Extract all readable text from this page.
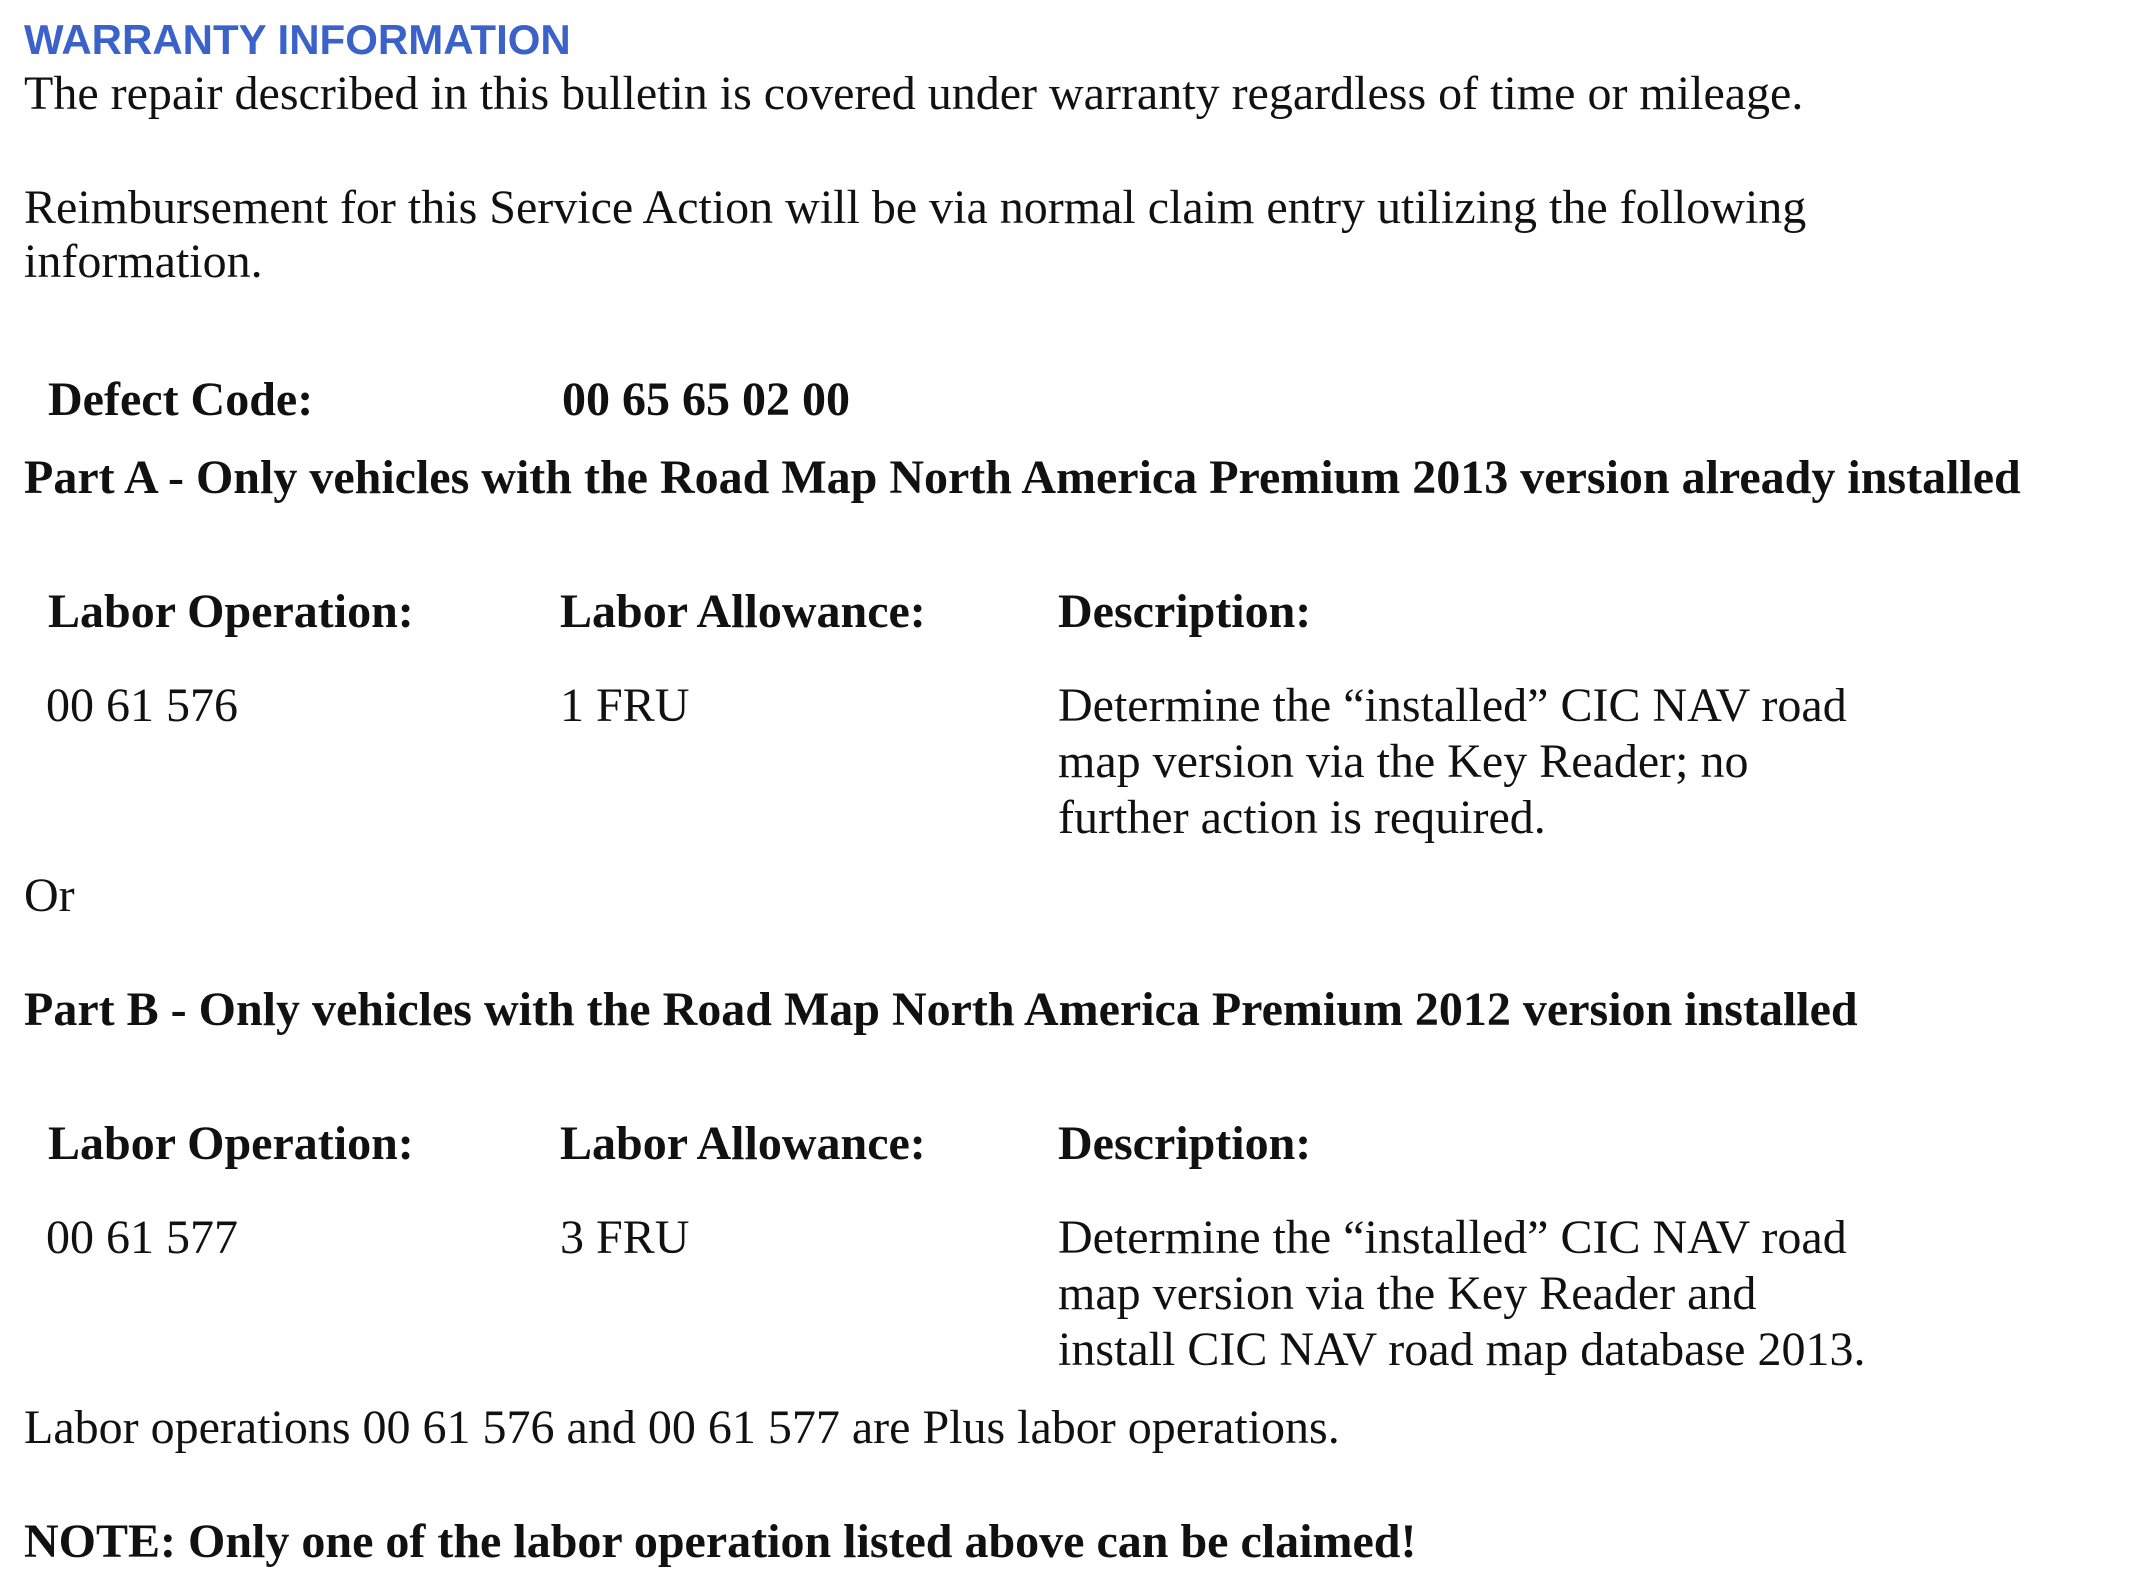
WARRANTY INFORMATION
The repair described in this bulletin is covered under warranty regardless of time or mileage.
Reimbursement for this Service Action will be via normal claim entry utilizing the following
information.
Defect Code:	00 65 65 02 00
Part A - Only vehicles with the Road Map North America Premium 2013 version already installed
Labor Operation:	Labor Allowance:	Description:
00 61 576	1 FRU	Determine the “installed” CIC NAV road
map version via the Key Reader; no
further action is required.
Or
Part B - Only vehicles with the Road Map North America Premium 2012 version installed
Labor Operation:	Labor Allowance:	Description:
00 61 577	3 FRU	Determine the “installed” CIC NAV road
map version via the Key Reader and
install CIC NAV road map database 2013.
Labor operations 00 61 576 and 00 61 577 are Plus labor operations.
NOTE: Only one of the labor operation listed above can be claimed!
